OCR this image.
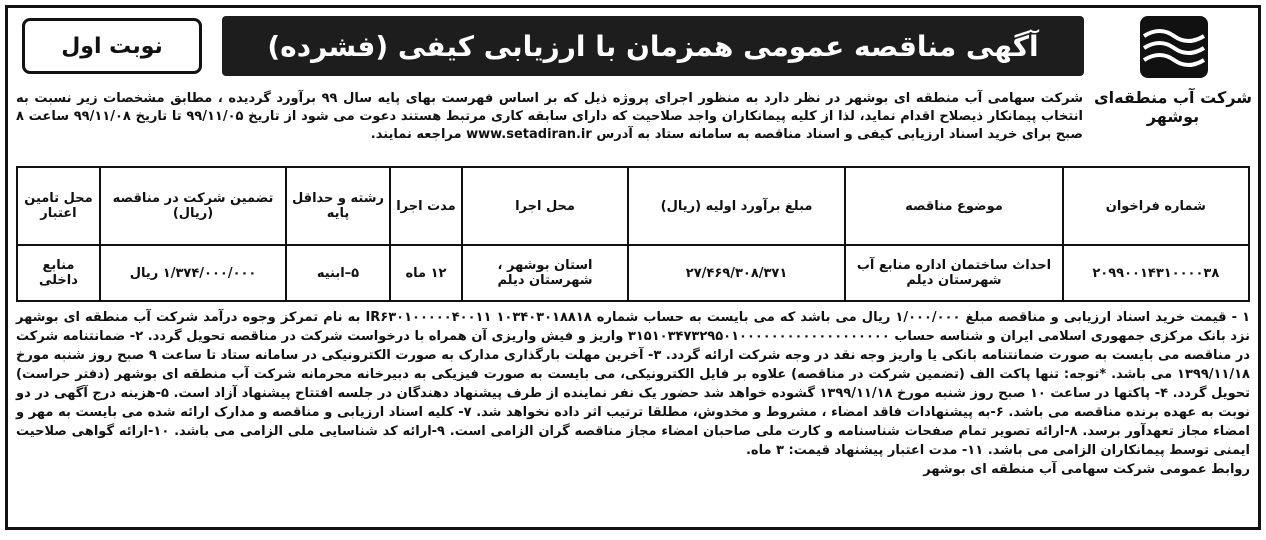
آگهی مناقصه عمومی همزمان با ارزیابی کیفی (فشرده)
نوبت اول
شرکت آب منطقه‌ای بوشهر
شرکت سهامی آب منطقه ای بوشهر در نظر دارد به منظور اجرای پروژه ذیل که بر اساس فهرست بهای پایه سال ۹۹ برآورد گردیده ، مطابق مشخصات زیر نسبت به انتخاب پیمانکار ذیصلاح اقدام نماید، لذا از کلیه پیمانکاران واجد صلاحیت که دارای سابقه کاری مرتبط هستند دعوت می شود از تاریخ ۹۹/۱۱/۰۵ تا تاریخ ۹۹/۱۱/۰۸ ساعت ۸ صبح برای خرید اسناد ارزیابی کیفی و اسناد مناقصه به سامانه ستاد به آدرس www.setadiran.ir مراجعه نمایند.
شماره فراخوان	موضوع مناقصه	مبلغ برآورد اولیه (ریال)	محل اجرا	مدت اجرا	رشته و حداقل پایه	تضمین شرکت در مناقصه (ریال)	محل تامین اعتبار
۲۰۹۹۰۰۱۴۳۱۰۰۰۰۳۸	احداث ساختمان اداره منابع آب شهرستان دیلم	۲۷/۴۶۹/۳۰۸/۳۷۱	استان بوشهر ، شهرستان دیلم	۱۲ ماه	۵–ابنیه	۱/۳۷۴/۰۰۰/۰۰۰ ریال	منابع داخلی
۱ - قیمت خرید اسناد ارزیابی و مناقصه مبلغ ۱/۰۰۰/۰۰۰ ریال می باشد که می بایست به حساب شماره ۱۰۳۴۰۳۰۱۸۸۱۸ IR۶۳۰۱۰۰۰۰۰۴۰۰۱۱ به نام تمرکز وجوه درآمد شرکت آب منطقه ای بوشهر نزد بانک مرکزی جمهوری اسلامی ایران و شناسه حساب ۳۱۵۱۰۳۴۷۳۲۹۵۰۱۰۰۰۰۰۰۰۰۰۰۰۰۰۰۰۰۰۰۰ واریز و فیش واریزی آن همراه با درخواست شرکت در مناقصه تحویل گردد. ۲- ضمانتنامه شرکت در مناقصه می بایست به صورت ضمانتنامه بانکی یا واریز وجه نقد در وجه شرکت ارائه گردد. ۳- آخرین مهلت بارگذاری مدارک به صورت الکترونیکی در سامانه ستاد تا ساعت ۹ صبح روز شنبه مورخ ۱۳۹۹/۱۱/۱۸ می باشد. *توجه: تنها پاکت الف (تضمین شرکت در مناقصه) علاوه بر فایل الکترونیکی، می بایست به صورت فیزیکی به دبیرخانه محرمانه شرکت آب منطقه ای بوشهر (دفتر حراست) تحویل گردد. ۴- پاکتها در ساعت ۱۰ صبح روز شنبه مورخ ۱۳۹۹/۱۱/۱۸ گشوده خواهد شد حضور یک نفر نماینده از طرف پیشنهاد دهندگان در جلسه افتتاح پیشنهاد آزاد است. ۵-هزینه درج آگهی در دو نوبت به عهده برنده مناقصه می باشد. ۶-به پیشنهادات فاقد امضاء ، مشروط و مخدوش، مطلقا ترتیب اثر داده نخواهد شد. ۷- کلیه اسناد ارزیابی و مناقصه و مدارک ارائه شده می بایست به مهر و امضاء مجاز تعهدآور برسد. ۸-ارائه تصویر تمام صفحات شناسنامه و کارت ملی صاحبان امضاء مجاز مناقصه گران الزامی است. ۹-ارائه کد شناسایی ملی الزامی می باشد. ۱۰-ارائه گواهی صلاحیت ایمنی توسط پیمانکاران الزامی می باشد. ۱۱- مدت اعتبار پیشنهاد قیمت: ۳ ماه.
روابط عمومی شرکت سهامی آب منطقه ای بوشهر
